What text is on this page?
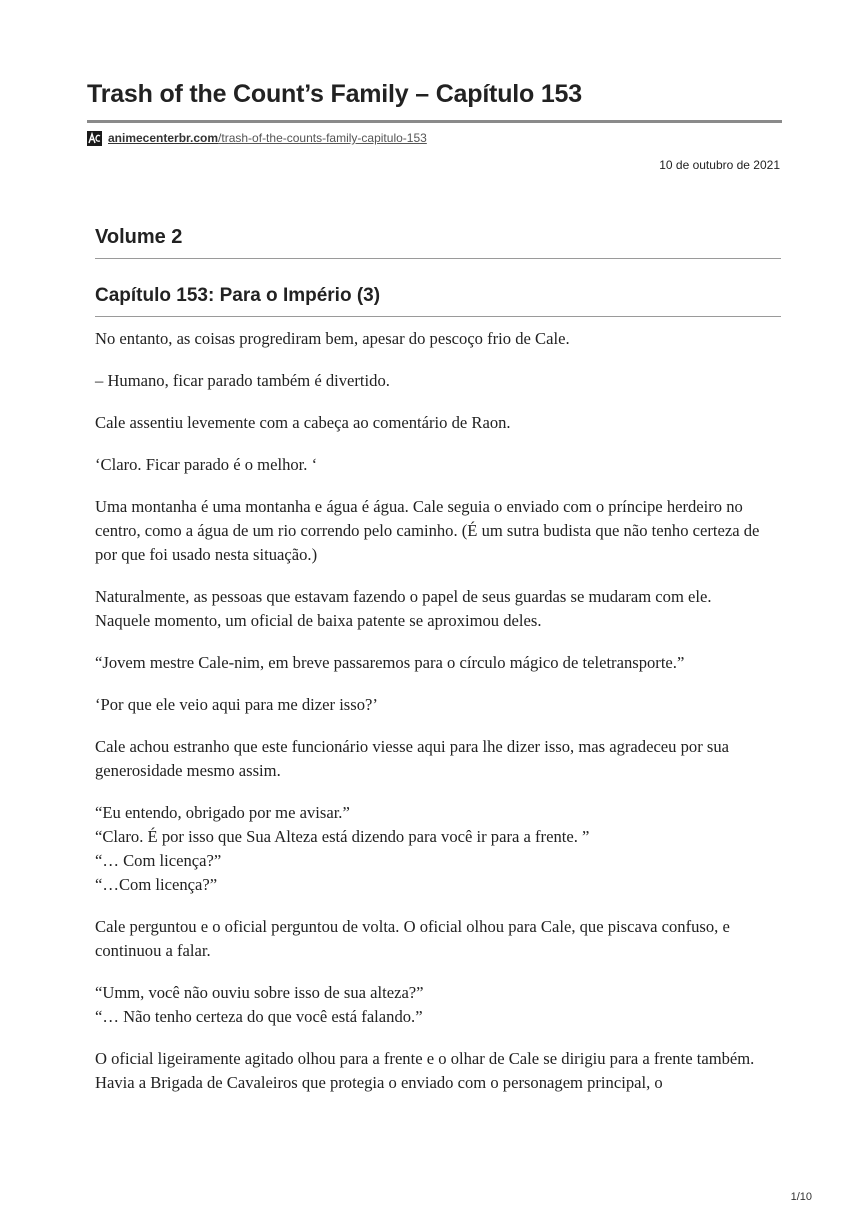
Trash of the Count’s Family – Capítulo 153
animecenterbr.com /trash-of-the-counts-family-capitulo-153
10 de outubro de 2021
Volume 2
Capítulo 153: Para o Império (3)

No entanto, as coisas progrediram bem, apesar do pescoço frio de Cale.

– Humano, ficar parado também é divertido.

Cale assentiu levemente com a cabeça ao comentário de Raon.

‘Claro. Ficar parado é o melhor. ‘

Uma montanha é uma montanha e água é água. Cale seguia o enviado com o príncipe herdeiro no centro, como a água de um rio correndo pelo caminho. (É um sutra budista que não tenho certeza de por que foi usado nesta situação.)

Naturalmente, as pessoas que estavam fazendo o papel de seus guardas se mudaram com ele.
Naquele momento, um oficial de baixa patente se aproximou deles.

“Jovem mestre Cale-nim, em breve passaremos para o círculo mágico de teletransporte.”

‘Por que ele veio aqui para me dizer isso?’

Cale achou estranho que este funcionário viesse aqui para lhe dizer isso, mas agradeceu por sua generosidade mesmo assim.

“Eu entendo, obrigado por me avisar.”
“Claro. É por isso que Sua Alteza está dizendo para você ir para a frente. ”
“… Com licença?”
“…Com licença?”

Cale perguntou e o oficial perguntou de volta. O oficial olhou para Cale, que piscava confuso, e continuou a falar.

“Umm, você não ouviu sobre isso de sua alteza?”
“… Não tenho certeza do que você está falando.”

O oficial ligeiramente agitado olhou para a frente e o olhar de Cale se dirigiu para a frente também.
Havia a Brigada de Cavaleiros que protegia o enviado com o personagem principal, o

1/10
